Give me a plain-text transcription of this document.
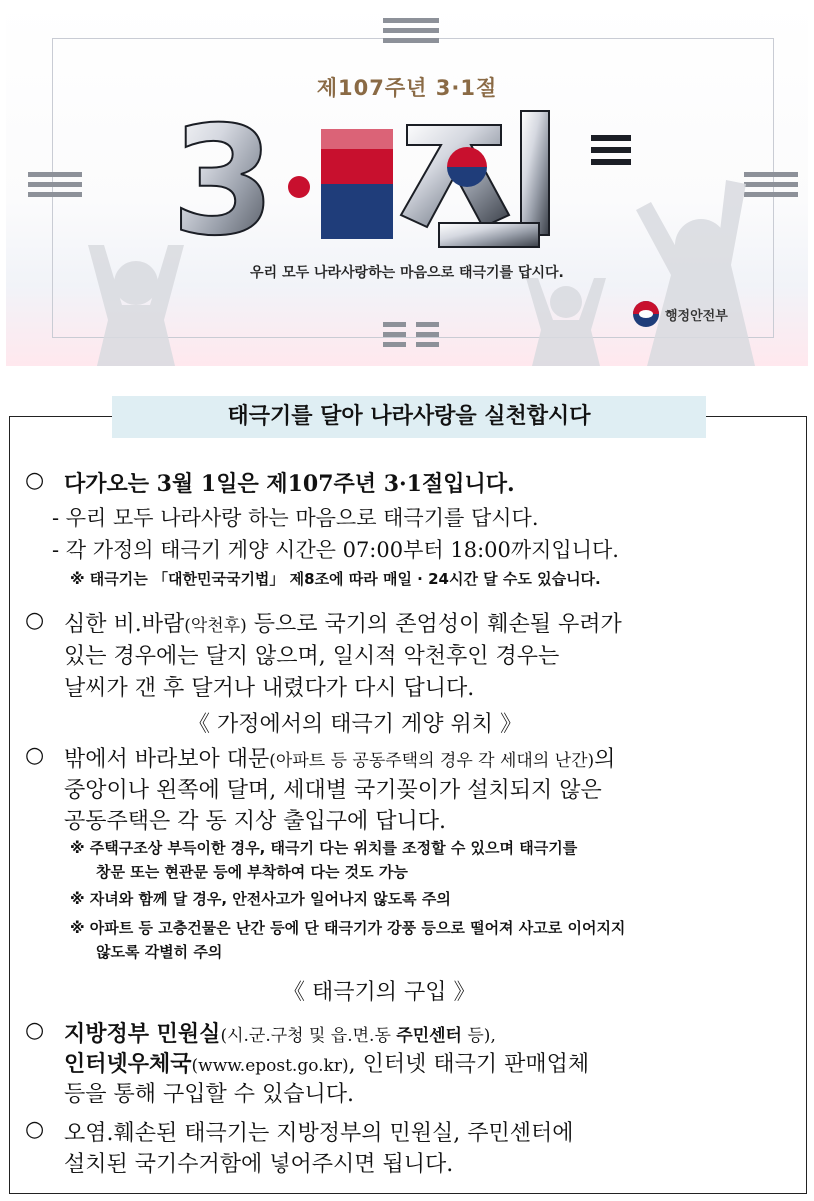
제107주년 3·1절
3
우리 모두 나라사랑하는 마음으로 태극기를 답시다.
행정안전부
태극기를 달아 나라사랑을 실천합시다
○ 다가오는 3월 1일은 제107주년 3·1절입니다.
- 우리 모두 나라사랑 하는 마음으로 태극기를 답시다.
- 각 가정의 태극기 게양 시간은 07:00부터 18:00까지입니다.
※ 태극기는 「대한민국국기법」 제8조에 따라 매일 · 24시간 달 수도 있습니다.
○ 심한 비.바람(악천후) 등으로 국기의 존엄성이 훼손될 우려가
있는 경우에는 달지 않으며, 일시적 악천후인 경우는
날씨가 갠 후 달거나 내렸다가 다시 답니다.
《 가정에서의 태극기 게양 위치 》
○ 밖에서 바라보아 대문(아파트 등 공동주택의 경우 각 세대의 난간)의
중앙이나 왼쪽에 달며, 세대별 국기꽂이가 설치되지 않은
공동주택은 각 동 지상 출입구에 답니다.
※ 주택구조상 부득이한 경우, 태극기 다는 위치를 조정할 수 있으며 태극기를
창문 또는 현관문 등에 부착하여 다는 것도 가능
※ 자녀와 함께 달 경우, 안전사고가 일어나지 않도록 주의
※ 아파트 등 고층건물은 난간 등에 단 태극기가 강풍 등으로 떨어져 사고로 이어지지
않도록 각별히 주의
《 태극기의 구입 》
○ 지방정부 민원실(시.군.구청 및 읍.면.동 주민센터 등),
인터넷우체국(www.epost.go.kr), 인터넷 태극기 판매업체
등을 통해 구입할 수 있습니다.
○ 오염.훼손된 태극기는 지방정부의 민원실, 주민센터에
설치된 국기수거함에 넣어주시면 됩니다.
